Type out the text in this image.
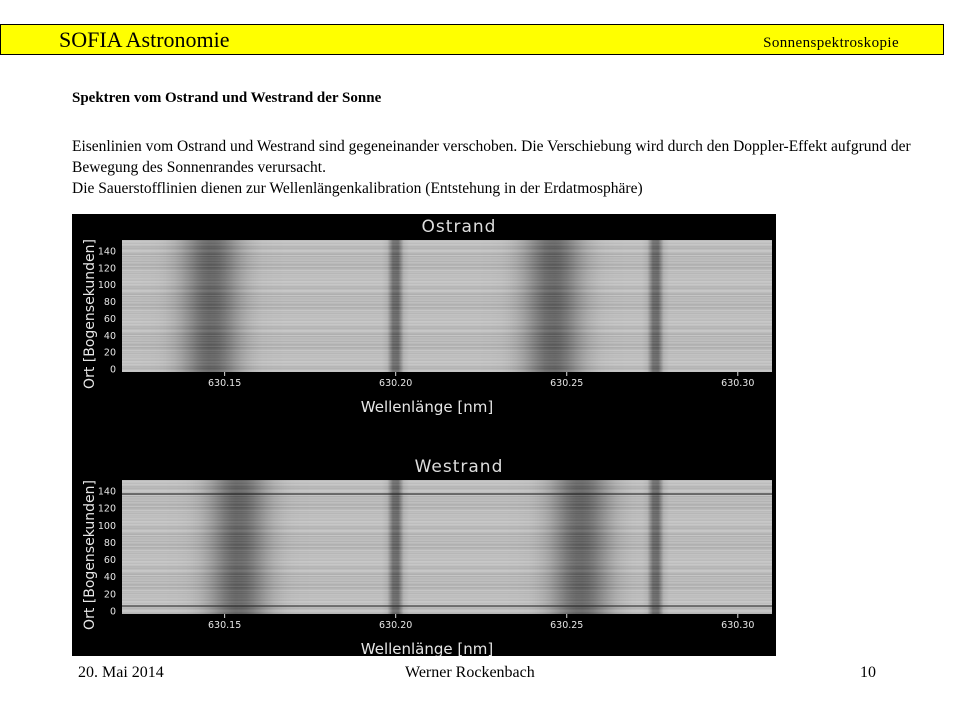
SOFIA Astronomie	Sonnenspektroskopie
Spektren vom Ostrand und Westrand der Sonne

Eisenlinien vom Ostrand und Westrand sind gegeneinander verschoben. Die Verschiebung wird durch den Doppler-Effekt aufgrund der Bewegung des Sonnenrandes verursacht.

Die Sauerstofflinien dienen zur Wellenlängenkalibration (Entstehung in der Erdatmosphäre)

Ostrand
0
20
40
60
80
100
120
140
Ort [Bogensekunden]	630.15	630.20	630.25	630.30
Wellenlänge [nm]
Westrand
0
20
40
60
80
100
120
140
Ort [Bogensekunden]	630.15	630.20	630.25	630.30
Wellenlänge [nm]
20. Mai 2014	Werner Rockenbach	10
